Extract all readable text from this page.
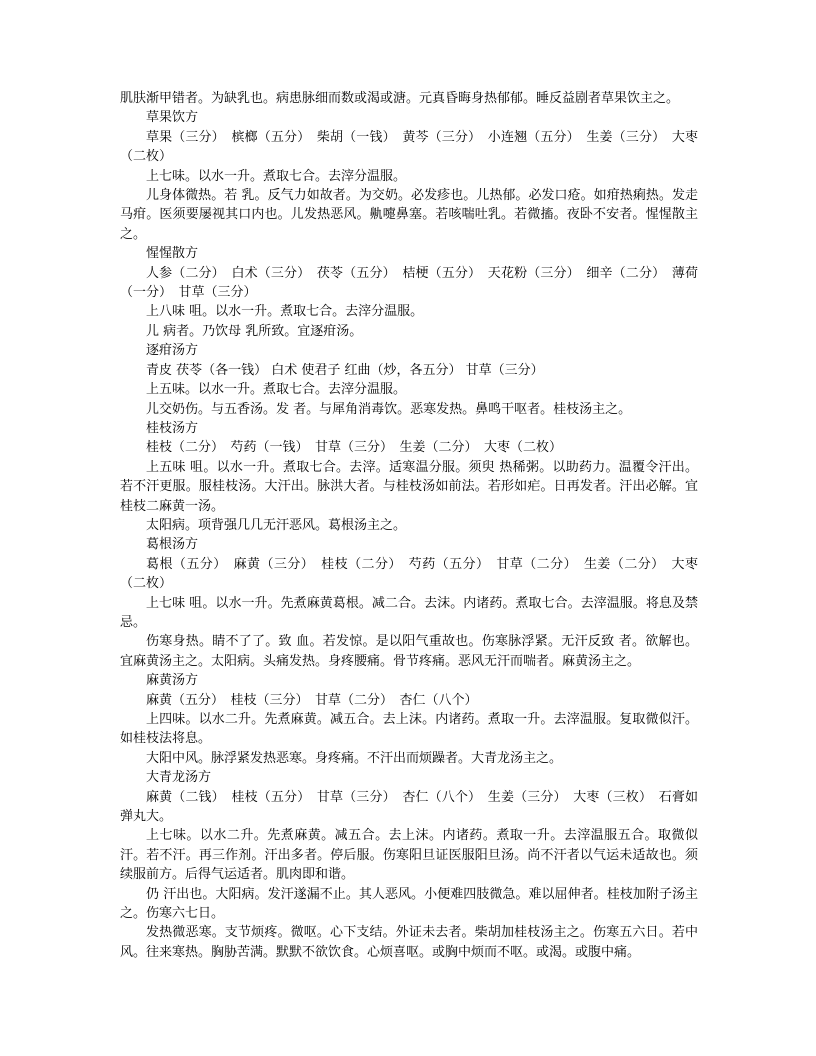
肌肤渐甲错者。为缺乳也。病患脉细而数或渴或溏。元真昏晦身热郁郁。睡反益剧者草果饮主之。

草果饮方

草果（三分）　槟榔（五分）　柴胡（一钱）　黄芩（三分）　小连翘（五分）　生姜（三分）　大枣（二枚）

上七味。以水一升。煮取七合。去滓分温服。

儿身体微热。若 乳。反气力如故者。为交奶。必发疹也。儿热郁。必发口疮。如疳热痢热。发走马疳。医须要屡视其口内也。儿发热恶风。鼽嚏鼻塞。若咳喘吐乳。若微搐。夜卧不安者。惺惺散主之。

惺惺散方

人参（二分）　白术（三分）　茯苓（五分）　桔梗（五分）　天花粉（三分）　细辛（二分）　薄荷（一分）　甘草（三分）

上八味 咀。以水一升。煮取七合。去滓分温服。

儿 病者。乃饮母 乳所致。宜逐疳汤。

逐疳汤方

青皮 茯苓（各一钱） 白术 使君子 红曲（炒，各五分） 甘草（三分）

上五味。以水一升。煮取七合。去滓分温服。

儿交奶伤。与五香汤。发 者。与犀角消毒饮。恶寒发热。鼻鸣干呕者。桂枝汤主之。

桂枝汤方

桂枝（二分）　芍药（一钱）　甘草（三分）　生姜（二分）　大枣（二枚）

上五味 咀。以水一升。煮取七合。去滓。适寒温分服。须臾 热稀粥。以助药力。温覆令汗出。若不汗更服。服桂枝汤。大汗出。脉洪大者。与桂枝汤如前法。若形如疟。日再发者。汗出必解。宜桂枝二麻黄一汤。

太阳病。项背强几几无汗恶风。葛根汤主之。

葛根汤方

葛根（五分）　麻黄（三分）　桂枝（二分）　芍药（五分）　甘草（二分）　生姜（二分）　大枣（二枚）

上七味 咀。以水一升。先煮麻黄葛根。减二合。去沫。内诸药。煮取七合。去滓温服。将息及禁忌。

伤寒身热。睛不了了。致 血。若发惊。是以阳气重故也。伤寒脉浮紧。无汗反致 者。欲解也。宜麻黄汤主之。太阳病。头痛发热。身疼腰痛。骨节疼痛。恶风无汗而喘者。麻黄汤主之。

麻黄汤方

麻黄（五分）　桂枝（三分）　甘草（二分）　杏仁（八个）

上四味。以水二升。先煮麻黄。减五合。去上沫。内诸药。煮取一升。去滓温服。复取微似汗。如桂枝法将息。

大阳中风。脉浮紧发热恶寒。身疼痛。不汗出而烦躁者。大青龙汤主之。

大青龙汤方

麻黄（二钱）　桂枝（五分）　甘草（三分）　杏仁（八个）　生姜（三分）　大枣（三枚）　石膏如弹丸大。

上七味。以水二升。先煮麻黄。减五合。去上沫。内诸药。煮取一升。去滓温服五合。取微似汗。若不汗。再三作剂。汗出多者。停后服。伤寒阳旦证医服阳旦汤。尚不汗者以气运未适故也。须续服前方。后得气运适者。肌肉即和谐。

仍 汗出也。大阳病。发汗遂漏不止。其人恶风。小便难四肢微急。难以屈伸者。桂枝加附子汤主之。伤寒六七日。

发热微恶寒。支节烦疼。微呕。心下支结。外证未去者。柴胡加桂枝汤主之。伤寒五六日。若中风。往来寒热。胸胁苦满。默默不欲饮食。心烦喜呕。或胸中烦而不呕。或渴。或腹中痛。
